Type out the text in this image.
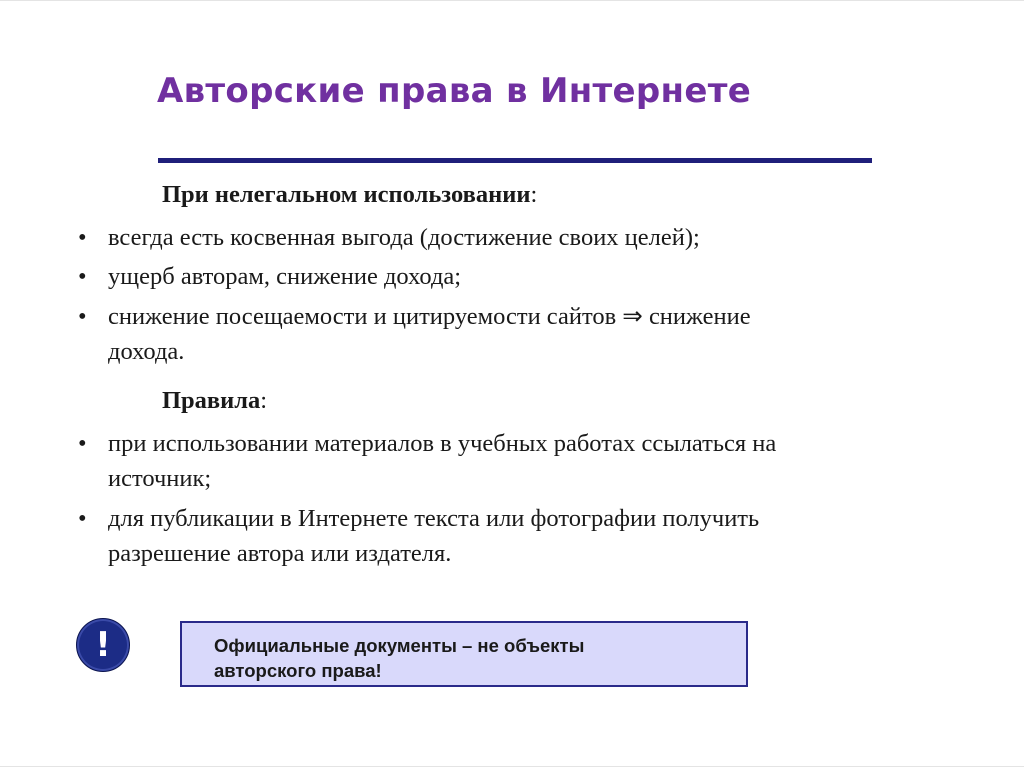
Авторские права в Интернете
При нелегальном использовании:
• всегда есть косвенная выгода (достижение своих целей);
• ущерб авторам, снижение дохода;
• снижение посещаемости и цитируемости сайтов ⇒ снижение
дохода.
Правила:
• при использовании материалов в учебных работах ссылаться на
источник;
• для публикации в Интернете текста или фотографии получить
разрешение автора или издателя.
!	Официальные документы – не объекты
авторского права!
